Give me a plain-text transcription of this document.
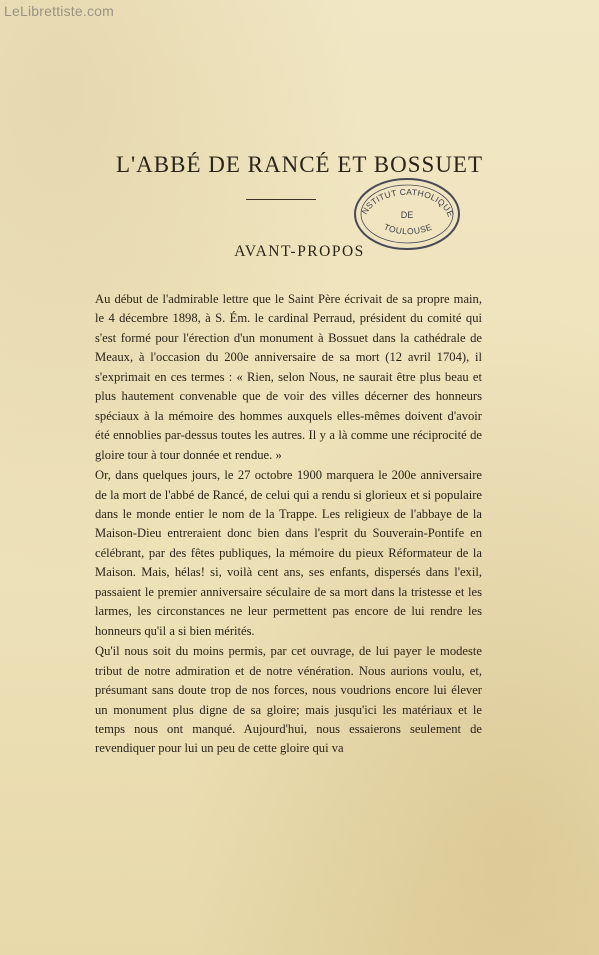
LeLibrettiste.com
L'ABBÉ DE RANCÉ ET BOSSUET
NSTITUT CATHOLIQUE
DE
TOULOUSE
AVANT-PROPOS

Au début de l'admirable lettre que le Saint Père écrivait de sa propre main, le 4 décembre 1898, à S. Ém. le cardinal Perraud, président du comité qui s'est formé pour l'érection d'un monument à Bossuet dans la cathédrale de Meaux, à l'occasion du 200e anniversaire de sa mort (12 avril 1704), il s'exprimait en ces termes : « Rien, selon Nous, ne saurait être plus beau et plus hautement convenable que de voir des villes décerner des honneurs spéciaux à la mémoire des hommes auxquels elles-mêmes doivent d'avoir été ennoblies par-dessus toutes les autres. Il y a là comme une réciprocité de gloire tour à tour donnée et rendue. »

Or, dans quelques jours, le 27 octobre 1900 marquera le 200e anniversaire de la mort de l'abbé de Rancé, de celui qui a rendu si glorieux et si populaire dans le monde entier le nom de la Trappe. Les religieux de l'abbaye de la Maison-Dieu entreraient donc bien dans l'esprit du Souverain-Pontife en célébrant, par des fêtes publiques, la mémoire du pieux Réformateur de la Maison. Mais, hélas! si, voilà cent ans, ses enfants, dispersés dans l'exil, passaient le premier anniversaire séculaire de sa mort dans la tristesse et les larmes, les circonstances ne leur permettent pas encore de lui rendre les honneurs qu'il a si bien mérités.

Qu'il nous soit du moins permis, par cet ouvrage, de lui payer le modeste tribut de notre admiration et de notre vénération. Nous aurions voulu, et, présumant sans doute trop de nos forces, nous voudrions encore lui élever un monument plus digne de sa gloire; mais jusqu'ici les matériaux et le temps nous ont manqué. Aujourd'hui, nous essaierons seulement de revendiquer pour lui un peu de cette gloire qui va
